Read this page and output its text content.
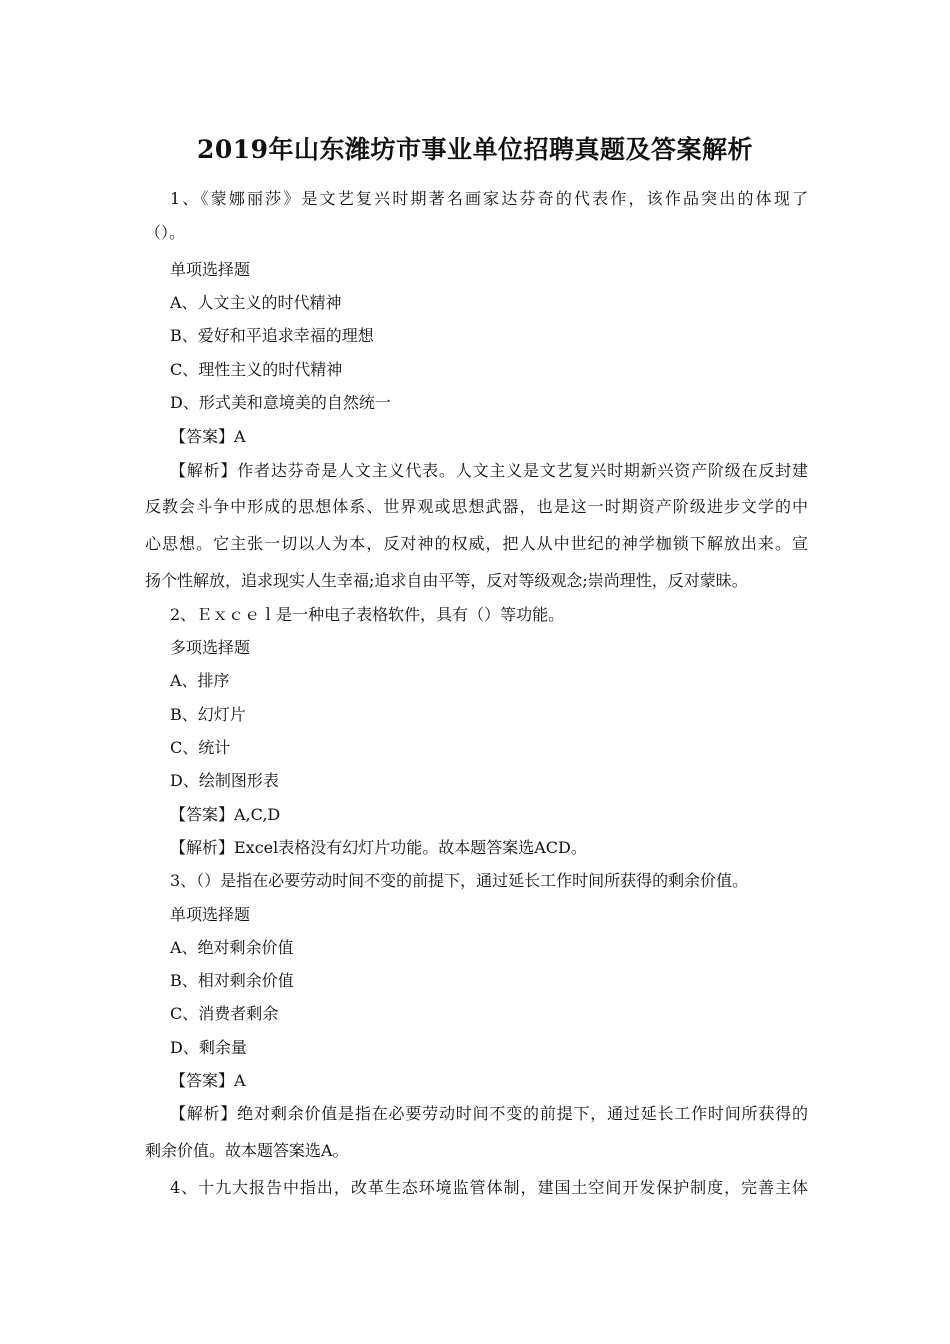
2019年山东潍坊市事业单位招聘真题及答案解析
1、《蒙娜丽莎》是文艺复兴时期著名画家达芬奇的代表作，该作品突出的体现了
（）。
单项选择题
A、人文主义的时代精神
B、爱好和平追求幸福的理想
C、理性主义的时代精神
D、形式美和意境美的自然统一
【答案】A
【解析】作者达芬奇是人文主义代表。人文主义是文艺复兴时期新兴资产阶级在反封建
反教会斗争中形成的思想体系、世界观或思想武器，也是这一时期资产阶级进步文学的中
心思想。它主张一切以人为本，反对神的权威，把人从中世纪的神学枷锁下解放出来。宣
扬个性解放，追求现实人生幸福;追求自由平等，反对等级观念;崇尚理性，反对蒙昧。
2、Ｅｘｃｅｌ是一种电子表格软件，具有（）等功能。
多项选择题
A、排序
B、幻灯片
C、统计
D、绘制图形表
【答案】A,C,D
【解析】Excel表格没有幻灯片功能。故本题答案选ACD。
3、（）是指在必要劳动时间不变的前提下，通过延长工作时间所获得的剩余价值。
单项选择题
A、绝对剩余价值
B、相对剩余价值
C、消费者剩余
D、剩余量
【答案】A
【解析】绝对剩余价值是指在必要劳动时间不变的前提下，通过延长工作时间所获得的
剩余价值。故本题答案选A。
4、十九大报告中指出，改革生态环境监管体制，建国土空间开发保护制度，完善主体
